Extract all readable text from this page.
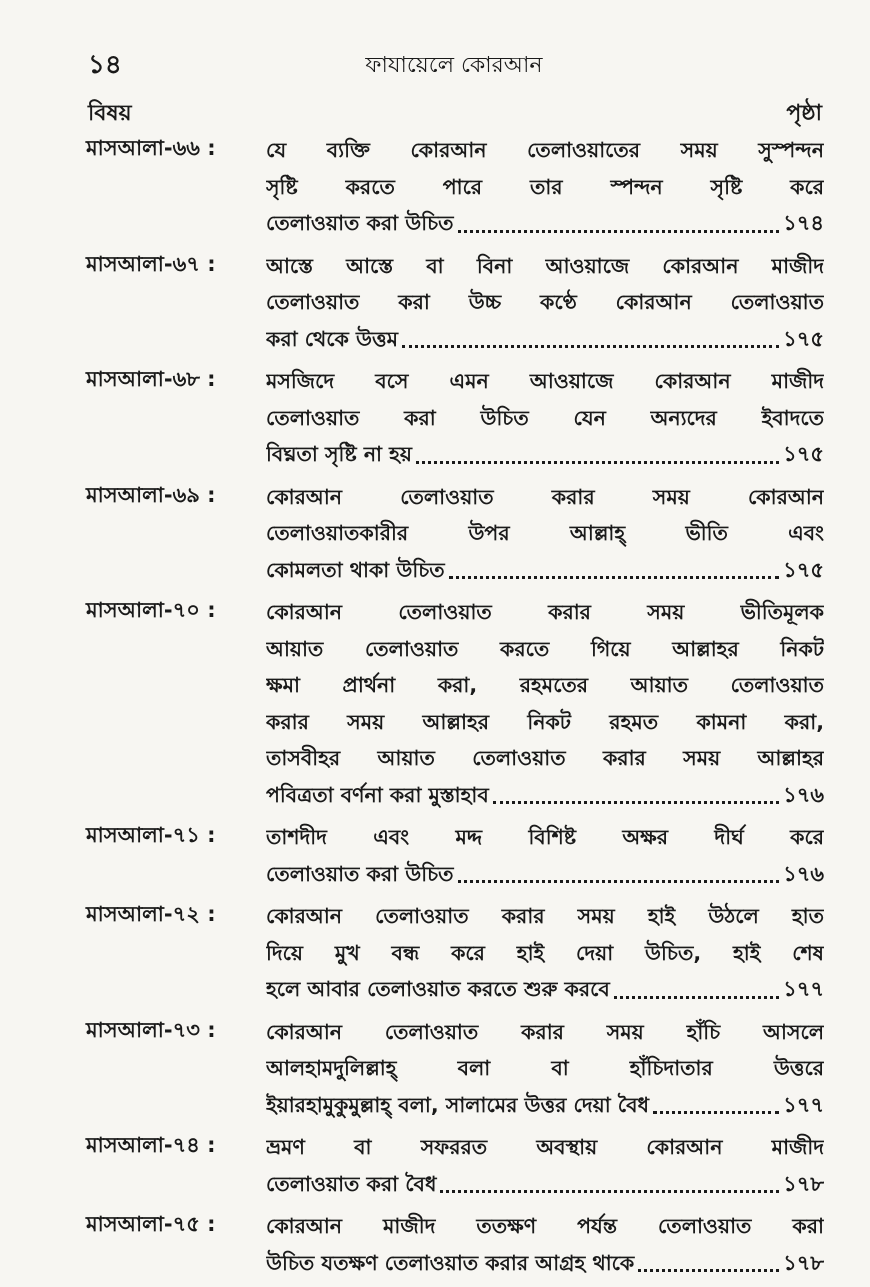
১৪	ফাযায়েলে কোরআন
বিষয়	পৃষ্ঠা
মাসআলা-৬৬ :	যে ব্যক্তি কোরআন তেলাওয়াতের সময় সুস্পন্দন
সৃষ্টি করতে পারে তার স্পন্দন সৃষ্টি করে
তেলাওয়াত করা উচিত	১৭৪
মাসআলা-৬৭ :	আস্তে আস্তে বা বিনা আওয়াজে কোরআন মাজীদ
তেলাওয়াত করা উচ্চ কণ্ঠে কোরআন তেলাওয়াত
করা থেকে উত্তম	১৭৫
মাসআলা-৬৮ :	মসজিদে বসে এমন আওয়াজে কোরআন মাজীদ
তেলাওয়াত করা উচিত যেন অন্যদের ইবাদতে
বিঘ্নতা সৃষ্টি না হয়	১৭৫
মাসআলা-৬৯ :	কোরআন তেলাওয়াত করার সময় কোরআন
তেলাওয়াতকারীর উপর আল্লাহ্ ভীতি এবং
কোমলতা থাকা উচিত	১৭৫
মাসআলা-৭০ :	কোরআন তেলাওয়াত করার সময় ভীতিমূলক
আয়াত তেলাওয়াত করতে গিয়ে আল্লাহর নিকট
ক্ষমা প্রার্থনা করা, রহমতের আয়াত তেলাওয়াত
করার সময় আল্লাহর নিকট রহমত কামনা করা,
তাসবীহর আয়াত তেলাওয়াত করার সময় আল্লাহর
পবিত্রতা বর্ণনা করা মুস্তাহাব	১৭৬
মাসআলা-৭১ :	তাশদীদ এবং মদ্দ বিশিষ্ট অক্ষর দীর্ঘ করে
তেলাওয়াত করা উচিত	১৭৬
মাসআলা-৭২ :	কোরআন তেলাওয়াত করার সময় হাই উঠলে হাত
দিয়ে মুখ বন্ধ করে হাই দেয়া উচিত, হাই শেষ
হলে আবার তেলাওয়াত করতে শুরু করবে	১৭৭
মাসআলা-৭৩ :	কোরআন তেলাওয়াত করার সময় হাঁচি আসলে
আলহামদুলিল্লাহ্ বলা বা হাঁচিদাতার উত্তরে
ইয়ারহামুকুমুল্লাহ্ বলা, সালামের উত্তর দেয়া বৈধ	১৭৭
মাসআলা-৭৪ :	ভ্রমণ বা সফররত অবস্থায় কোরআন মাজীদ
তেলাওয়াত করা বৈধ	১৭৮
মাসআলা-৭৫ :	কোরআন মাজীদ ততক্ষণ পর্যন্ত তেলাওয়াত করা
উচিত যতক্ষণ তেলাওয়াত করার আগ্রহ থাকে	১৭৮
